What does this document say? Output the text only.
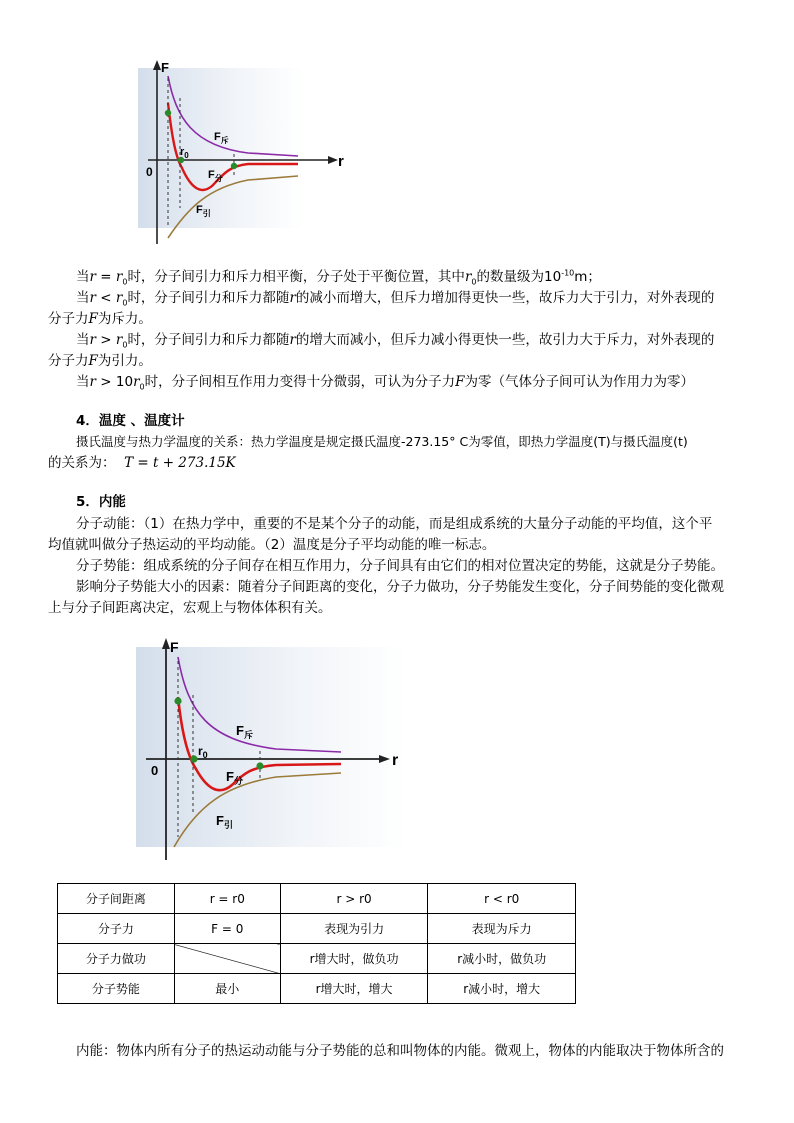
F
r
0
$r_0$
$F_斥$
$F_分$
$F_引$
当$r = r_0$时，分子间引力和斥力相平衡，分子处于平衡位置，其中$r_0$的数量级为$10^{-10}m$；
当$r < r_0$时，分子间引力和斥力都随r的减小而增大，但斥力增加得更快一些，故斥力大于引力，对外表现的
分子力F为斥力。
当$r > r_0$时，分子间引力和斥力都随r的增大而减小，但斥力减小得更快一些，故引力大于斥力，对外表现的
分子力F为引力。
当$r > 10r_0$时，分子间相互作用力变得十分微弱，可认为分子力F为零（气体分子间可认为作用力为零）
4．温度 、温度计
摄氏温度与热力学温度的关系：热力学温度是规定摄氏温度-273.15° C为零值，即热力学温度(T)与摄氏温度(t)
的关系为： T = t + 273.15K
5．内能
分子动能：（1）在热力学中，重要的不是某个分子的动能，而是组成系统的大量分子动能的平均值，这个平
均值就叫做分子热运动的平均动能。（2）温度是分子平均动能的唯一标志。
分子势能：组成系统的分子间存在相互作用力，分子间具有由它们的相对位置决定的势能，这就是分子势能。
影响分子势能大小的因素：随着分子间距离的变化，分子力做功，分子势能发生变化，分子间势能的变化微观
上与分子间距离决定，宏观上与物体体积有关。
F
r
0
$r_0$
$F_斥$
$F_分$
$F_引$
分子间距离	r = r0	r > r0	r < r0
分子力	F = 0	表现为引力	表现为斥力
分子力做功		r增大时，做负功	r减小时，做负功
分子势能	最小	r增大时，增大	r减小时，增大
内能：物体内所有分子的热运动动能与分子势能的总和叫物体的内能。微观上，物体的内能取决于物体所含的
